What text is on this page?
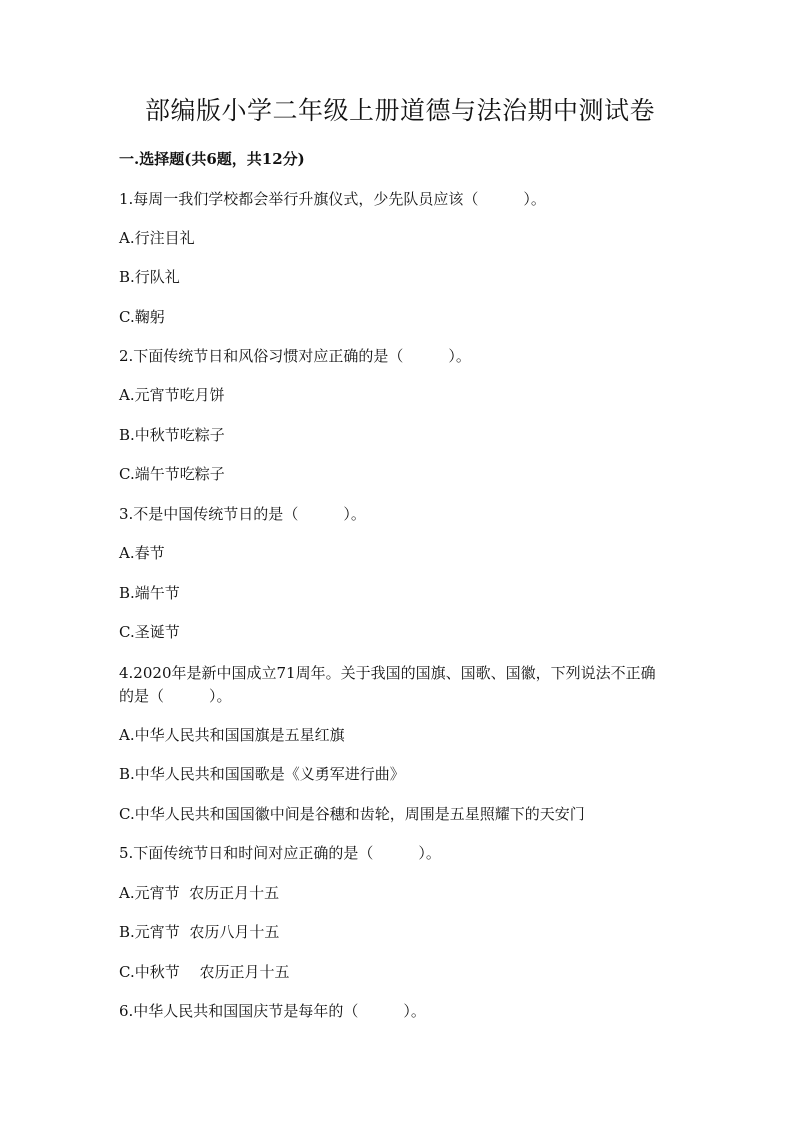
部编版小学二年级上册道德与法治期中测试卷
一.选择题(共6题，共12分)
1.每周一我们学校都会举行升旗仪式，少先队员应该（　　　）。
A.行注目礼
B.行队礼
C.鞠躬
2.下面传统节日和风俗习惯对应正确的是（　　　）。
A.元宵节吃月饼
B.中秋节吃粽子
C.端午节吃粽子
3.不是中国传统节日的是（　　　）。
A.春节
B.端午节
C.圣诞节
4.2020年是新中国成立71周年。关于我国的国旗、国歌、国徽，下列说法不正确的是（　　　）。
A.中华人民共和国国旗是五星红旗
B.中华人民共和国国歌是《义勇军进行曲》
C.中华人民共和国国徽中间是谷穗和齿轮，周围是五星照耀下的天安门
5.下面传统节日和时间对应正确的是（　　　）。
A.元宵节  农历正月十五
B.元宵节  农历八月十五
C.中秋节　 农历正月十五
6.中华人民共和国国庆节是每年的（　　　）。
